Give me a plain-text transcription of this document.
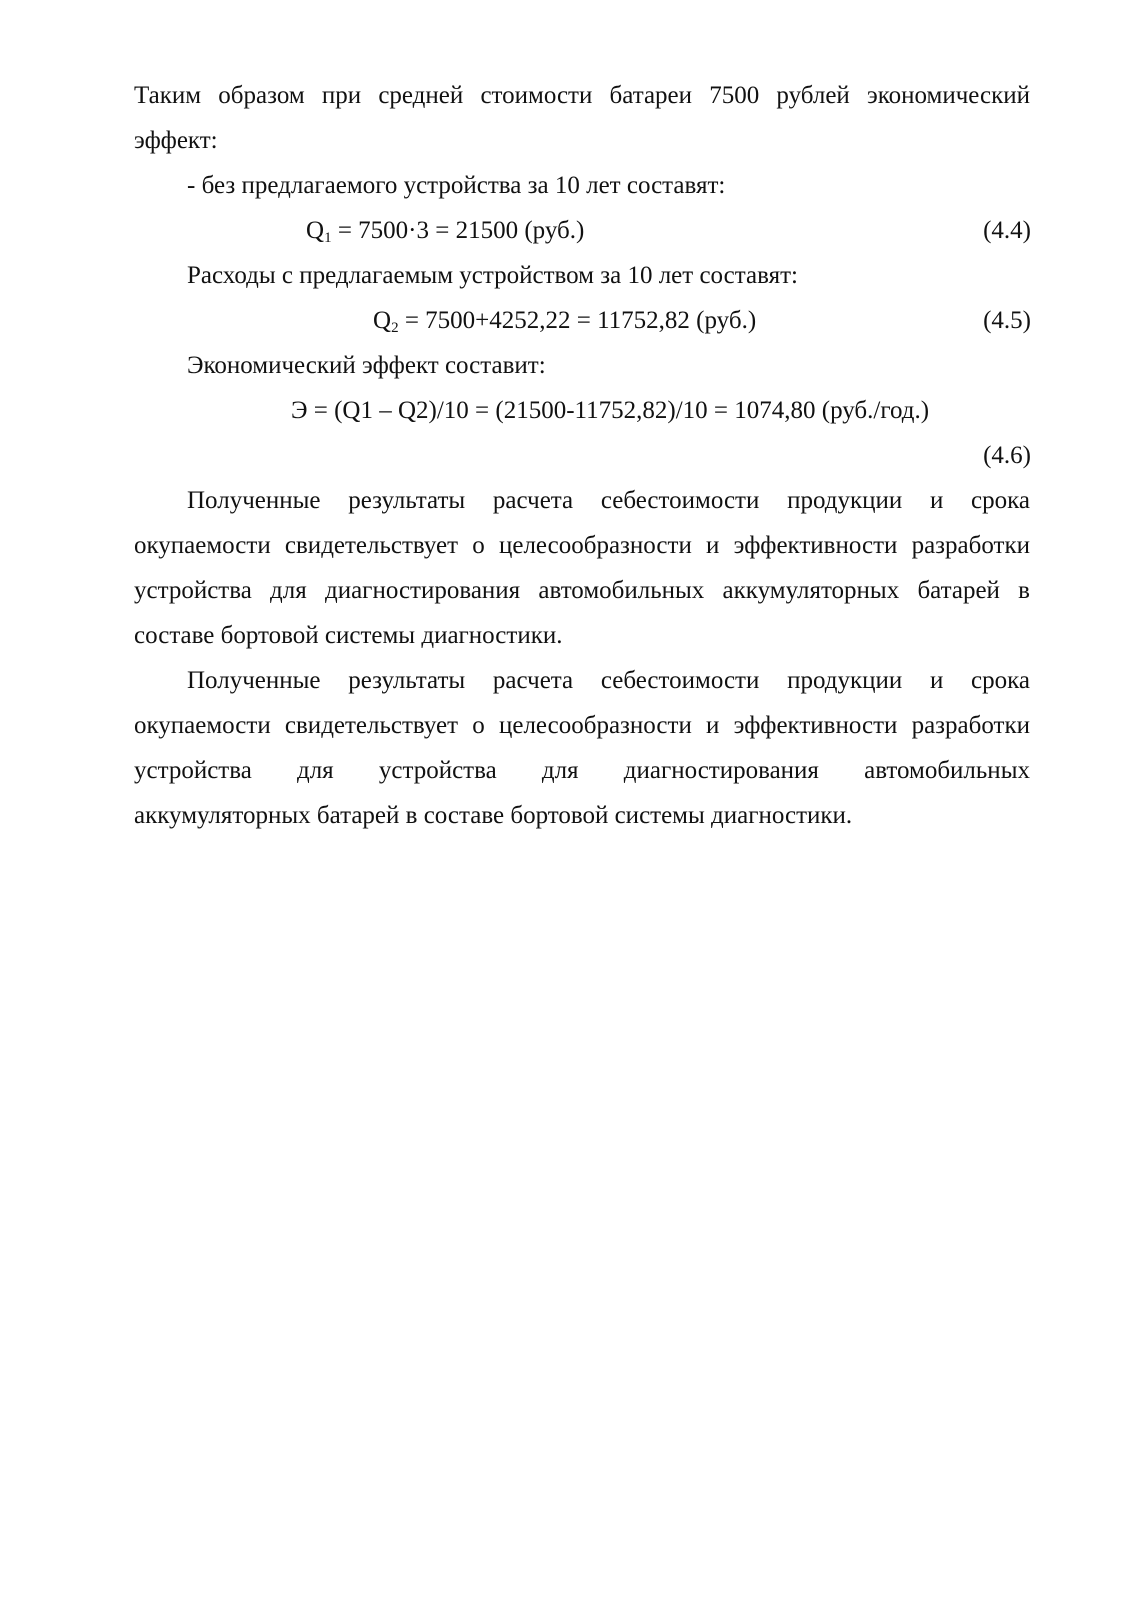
Таким образом при средней стоимости батареи 7500 рублей экономический
эффект:
- без предлагаемого устройства за 10 лет составят:
$Q_1 = 7500\cdot 3 = 21500$ (руб.)	(4.4)
Расходы с предлагаемым устройством за 10 лет составят:
$Q_2 = 7500+4252,22 = 11752,82$ (руб.)	(4.5)
Экономический эффект составит:
Э = (Q1 – Q2)/10 = (21500-11752,82)/10 = 1074,80 (руб./год.)
(4.6)
Полученные результаты расчета себестоимости продукции и срока
окупаемости свидетельствует о целесообразности и эффективности разработки
устройства для диагностирования автомобильных аккумуляторных батарей в
составе бортовой системы диагностики.
Полученные результаты расчета себестоимости продукции и срока
окупаемости свидетельствует о целесообразности и эффективности разработки
устройства для устройства для диагностирования автомобильных
аккумуляторных батарей в составе бортовой системы диагностики.
